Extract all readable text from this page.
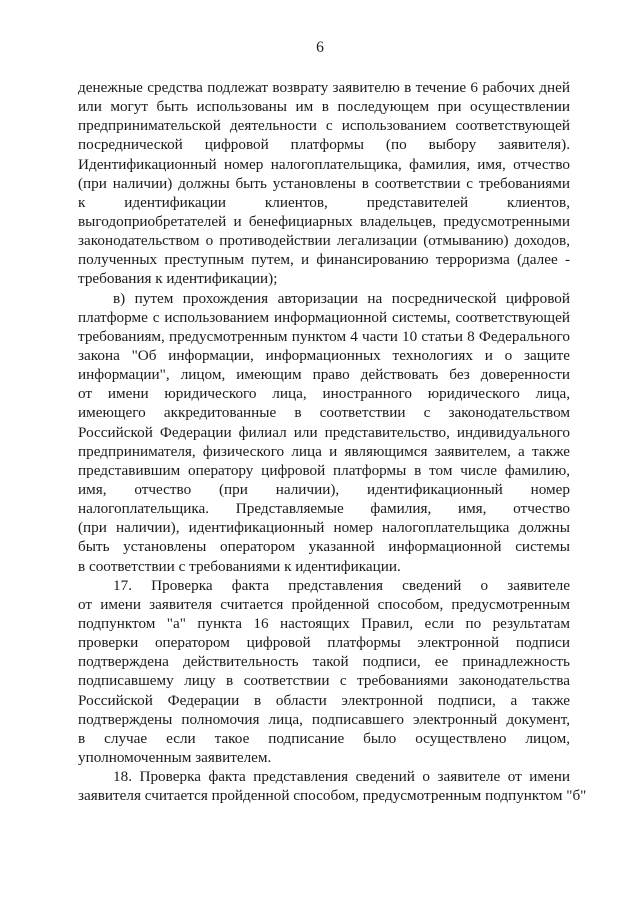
6
денежные средства подлежат возврату заявителю в течение 6 рабочих дней
или могут быть использованы им в последующем при осуществлении
предпринимательской деятельности с использованием соответствующей
посреднической цифровой платформы (по выбору заявителя).
Идентификационный номер налогоплательщика, фамилия, имя, отчество
(при наличии) должны быть установлены в соответствии с требованиями
к идентификации клиентов, представителей клиентов,
выгодоприобретателей и бенефициарных владельцев, предусмотренными
законодательством о противодействии легализации (отмыванию) доходов,
полученных преступным путем, и финансированию терроризма (далее -
требования к идентификации);
в) путем прохождения авторизации на посреднической цифровой
платформе с использованием информационной системы, соответствующей
требованиям, предусмотренным пунктом 4 части 10 статьи 8 Федерального
закона "Об информации, информационных технологиях и о защите
информации", лицом, имеющим право действовать без доверенности
от имени юридического лица, иностранного юридического лица,
имеющего аккредитованные в соответствии с законодательством
Российской Федерации филиал или представительство, индивидуального
предпринимателя, физического лица и являющимся заявителем, а также
представившим оператору цифровой платформы в том числе фамилию,
имя, отчество (при наличии), идентификационный номер
налогоплательщика. Представляемые фамилия, имя, отчество
(при наличии), идентификационный номер налогоплательщика должны
быть установлены оператором указанной информационной системы
в соответствии с требованиями к идентификации.
17. Проверка факта представления сведений о заявителе
от имени заявителя считается пройденной способом, предусмотренным
подпунктом "а" пункта 16 настоящих Правил, если по результатам
проверки оператором цифровой платформы электронной подписи
подтверждена действительность такой подписи, ее принадлежность
подписавшему лицу в соответствии с требованиями законодательства
Российской Федерации в области электронной подписи, а также
подтверждены полномочия лица, подписавшего электронный документ,
в случае если такое подписание было осуществлено лицом,
уполномоченным заявителем.
18. Проверка факта представления сведений о заявителе от имени
заявителя считается пройденной способом, предусмотренным подпунктом "б"
